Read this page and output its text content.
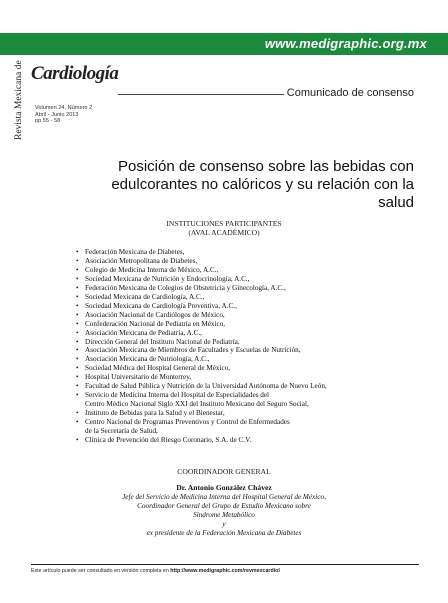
www.medigraphic.org.mx
Revista Mexicana de Cardiología
Comunicado de consenso
Volumen 24, Número 2
Abril - Junio 2013
pp 55 - 58
Posición de consenso sobre las bebidas con
edulcorantes no calóricos y su relación con la salud
INSTITUCIONES PARTICIPANTES
(AVAL ACADÉMICO)
• Federación Mexicana de Diabetes,
• Asociación Metropolitana de Diabetes,
• Colegio de Medicina Interna de México, A.C.,
• Sociedad Mexicana de Nutrición y Endocrinología, A.C.,
• Federación Mexicana de Colegios de Obstetricia y Ginecología, A.C.,
• Sociedad Mexicana de Cardiología, A.C.,
• Sociedad Mexicana de Cardiología Preventiva, A.C.,
• Asociación Nacional de Cardiólogos de México,
• Confederación Nacional de Pediatría en México,
• Asociación Mexicana de Pediatría, A.C.,
• Dirección General del Instituto Nacional de Pediatría,
• Asociación Mexicana de Miembros de Facultades y Escuelas de Nutrición,
• Asociación Mexicana de Nutriología, A.C.,
• Sociedad Médica del Hospital General de México,
• Hospital Universitario de Monterrey,
• Facultad de Salud Pública y Nutrición de la Universidad Autónoma de Nuevo León,
• Servicio de Medicina Interna del Hospital de Especialidades del
Centro Médico Nacional Siglo XXI del Instituto Mexicano del Seguro Social,
• Instituto de Bebidas para la Salud y el Bienestar,
• Centro Nacional de Programas Preventivos y Control de Enfermedades
de la Secretaría de Salud,
• Clínica de Prevención del Riesgo Coronario, S.A. de C.V.
COORDINADOR GENERAL
Dr. Antonio González Chávez
Jefe del Servicio de Medicina Interna del Hospital General de México,
Coordinador General del Grupo de Estudio Mexicano sobre
Síndrome Metabólico
y
ex presidente de la Federación Mexicana de Diabetes
Este artículo puede ser consultado en versión completa en http://www.medigraphic.com/revmexcardiol
